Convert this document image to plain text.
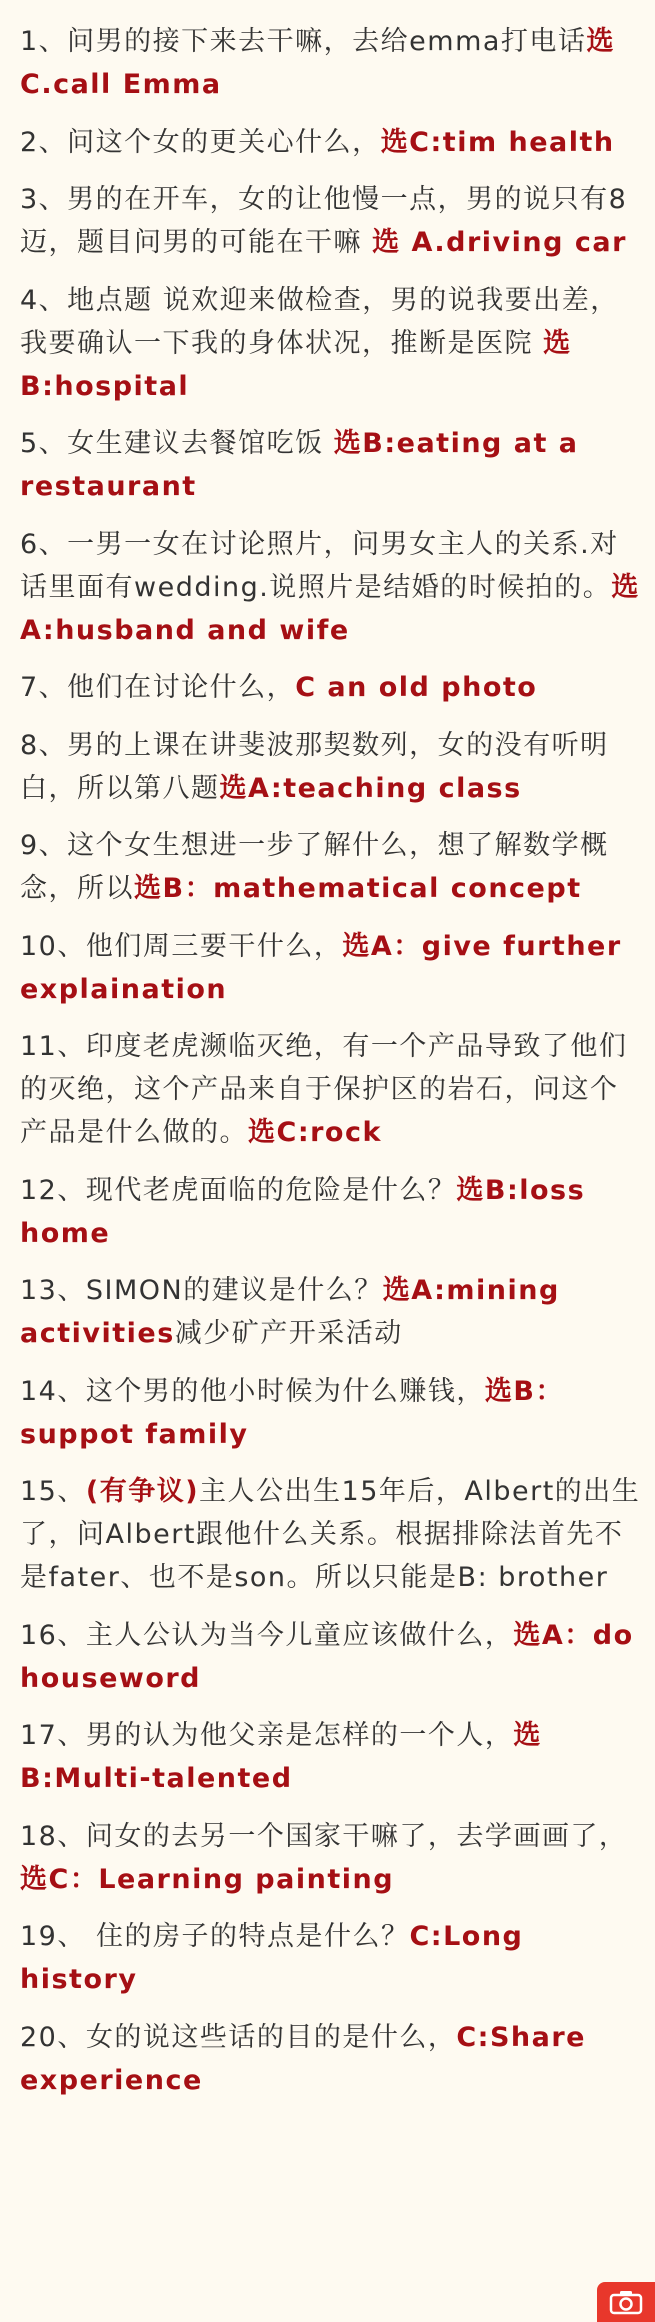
1、问男的接下来去干嘛，去给emma打电话选C.call Emma

2、问这个女的更关心什么，选C:tim health

3、男的在开车，女的让他慢一点，男的说只有8迈，题目问男的可能在干嘛 选 A.driving car

4、地点题 说欢迎来做检查，男的说我要出差，我要确认一下我的身体状况，推断是医院 选B:hospital

5、女生建议去餐馆吃饭 选B:eating at a restaurant

6、一男一女在讨论照片，问男女主人的关系.对话里面有wedding.说照片是结婚的时候拍的。选A:husband and wife

7、他们在讨论什么，C an old photo

8、男的上课在讲斐波那契数列，女的没有听明白，所以第八题选A:teaching class

9、这个女生想进一步了解什么，想了解数学概念，所以选B：mathematical concept

10、他们周三要干什么，选A：give further explaination

11、印度老虎濒临灭绝，有一个产品导致了他们的灭绝，这个产品来自于保护区的岩石，问这个产品是什么做的。选C:rock

12、现代老虎面临的危险是什么？选B:loss home

13、SIMON的建议是什么？选A:mining activities减少矿产开采活动

14、这个男的他小时候为什么赚钱，选B：suppot family

15、(有争议)主人公出生15年后，Albert的出生了，问Albert跟他什么关系。根据排除法首先不是fater、也不是son。所以只能是B: brother

16、主人公认为当今儿童应该做什么，选A：do houseword

17、男的认为他父亲是怎样的一个人，选B:Multi-talented

18、问女的去另一个国家干嘛了，去学画画了，选C：Learning painting

19、 住的房子的特点是什么？C:Long history

20、女的说这些话的目的是什么，C:Share experience
